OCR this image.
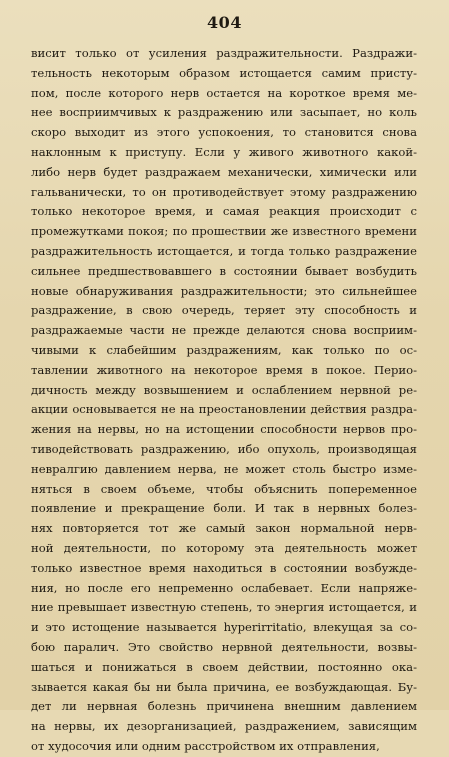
404
висит только от усиления раздражительности. Раздражи-
тельность некоторым образом истощается самим присту-
пом, после которого нерв остается на короткое время ме-
нее восприимчивых к раздражению или засыпает, но коль
скоро выходит из этого успокоения, то становится снова
наклонным к приступу. Если у живого животного какой-
либо нерв будет раздражаем механически, химически или
гальванически, то он противодействует этому раздражению
только некоторое время, и самая реакция происходит с
промежутками покоя; по прошествии же известного времени
раздражительность истощается, и тогда только раздражение
сильнее предшествовавшего в состоянии бывает возбудить
новые обнаруживания раздражительности; это сильнейшее
раздражение, в свою очередь, теряет эту способность и
раздражаемые части не прежде делаются снова восприим-
чивыми к слабейшим раздражениям, как только по ос-
тавлении животного на некоторое время в покое. Перио-
дичность между возвышением и ослаблением нервной ре-
акции основывается не на преостановлении действия раздра-
жения на нервы, но на истощении способности нервов про-
тиводействовать раздражению, ибо опухоль, производящая
невралгию давлением нерва, не может столь быстро изме-
няться в своем объеме, чтобы объяснить попеременное
появление и прекращение боли. И так в нервных болез-
нях повторяется тот же самый закон нормальной нерв-
ной деятельности, по которому эта деятельность может
только известное время находиться в состоянии возбужде-
ния, но после его непременно ослабевает. Если напряже-
ние превышает известную степень, то энергия истощается, и
и это истощение называется hyperirritatio, влекущая за со-
бою паралич. Это свойство нервной деятельности, возвы-
шаться и понижаться в своем действии, постоянно ока-
зывается какая бы ни была причина, ее возбуждающая. Бу-
дет ли нервная болезнь причинена внешним давлением
на нервы, их дезорганизацией, раздражением, зависящим
от худосочия или одним расстройством их отправления,
